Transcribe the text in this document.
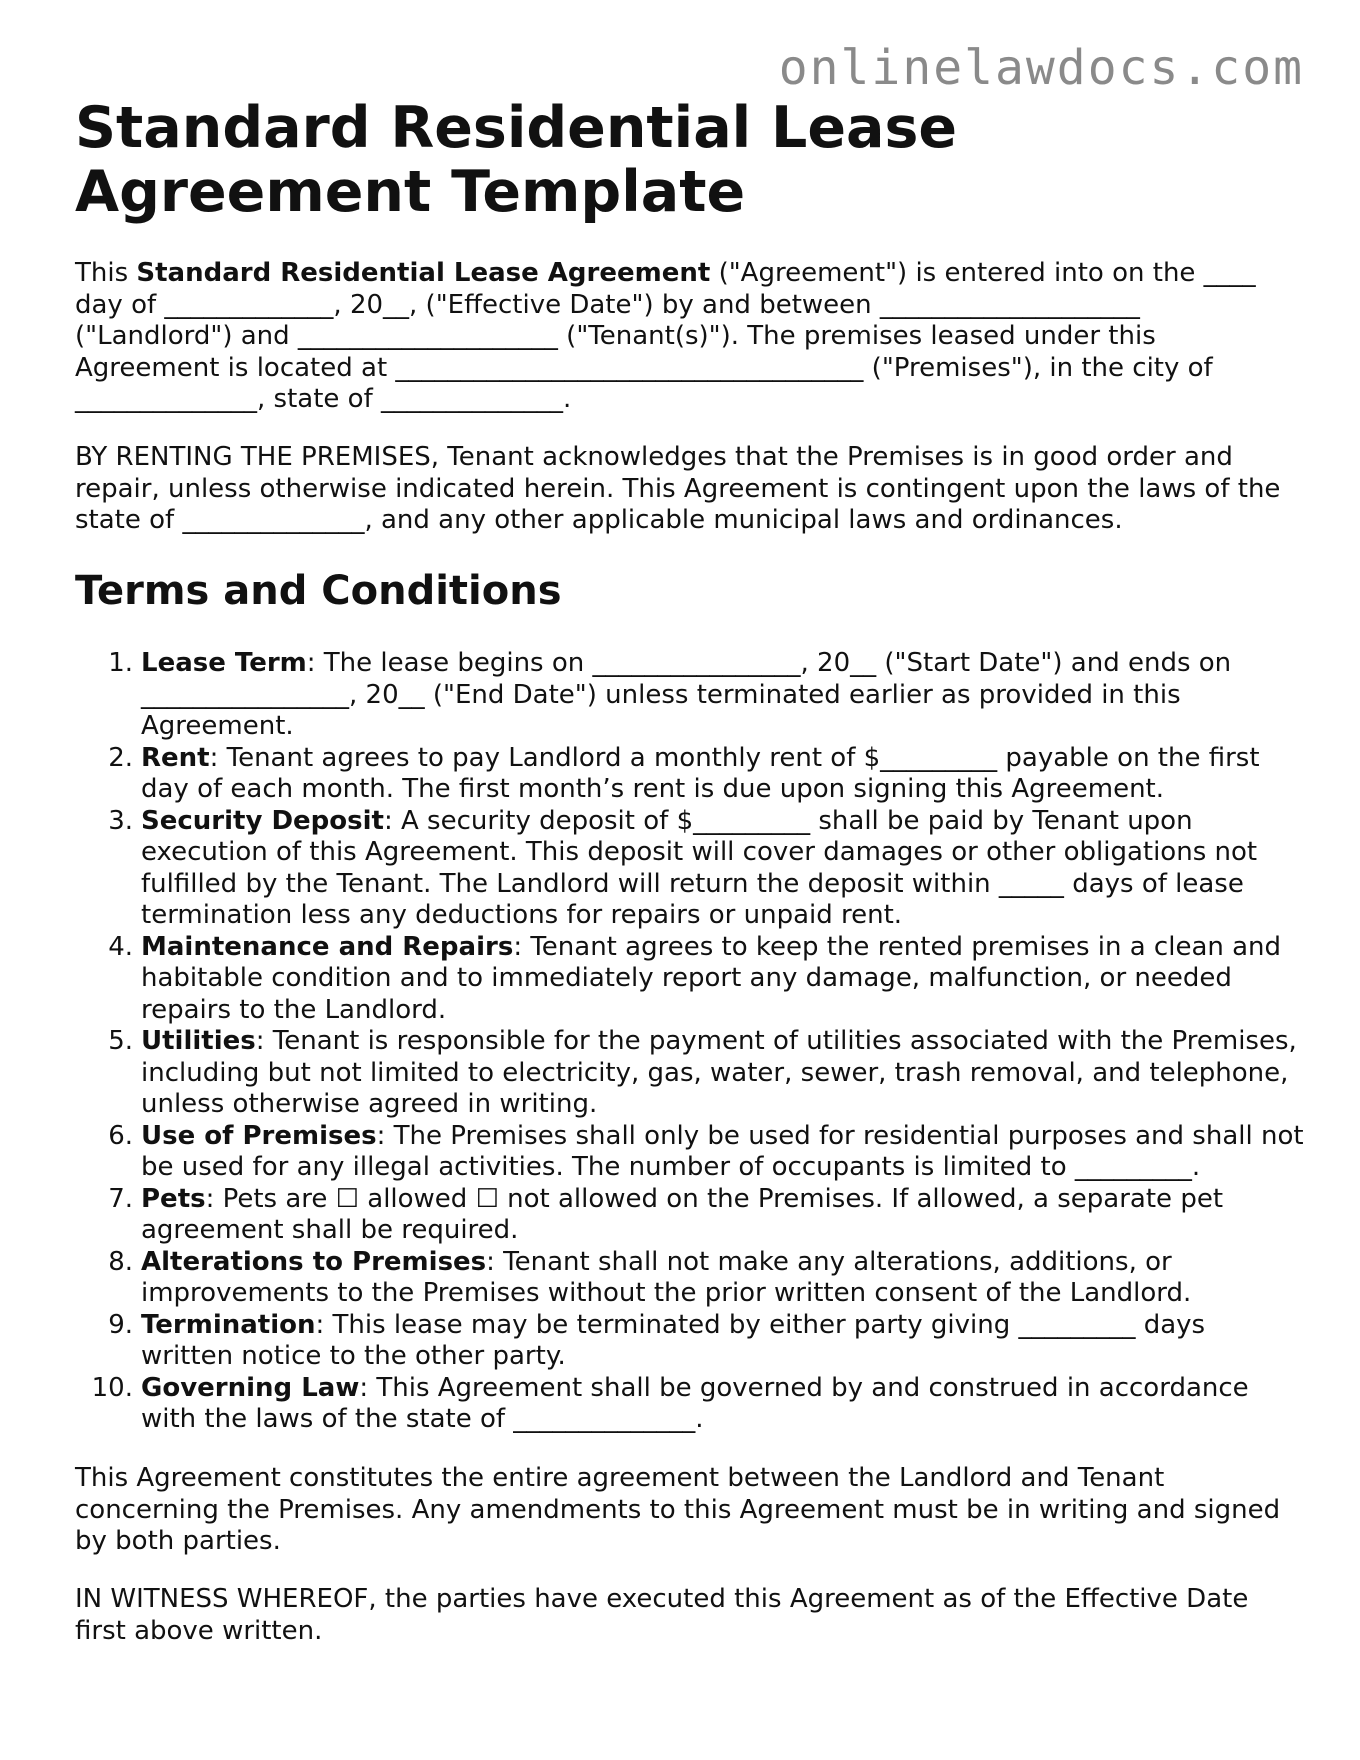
onlinelawdocs.com
Standard Residential Lease Agreement Template

This Standard Residential Lease Agreement ("Agreement") is entered into on the ____ day of _____________, 20__, ("Effective Date") by and between ____________________ ("Landlord") and ____________________ ("Tenant(s)"). The premises leased under this Agreement is located at ____________________________________ ("Premises"), in the city of ______________, state of ______________.

BY RENTING THE PREMISES, Tenant acknowledges that the Premises is in good order and repair, unless otherwise indicated herein. This Agreement is contingent upon the laws of the state of ______________, and any other applicable municipal laws and ordinances.

Terms and Conditions
1. Lease Term: The lease begins on ________________, 20__ ("Start Date") and ends on ________________, 20__ ("End Date") unless terminated earlier as provided in this Agreement.
2. Rent: Tenant agrees to pay Landlord a monthly rent of $_________ payable on the first day of each month. The first month’s rent is due upon signing this Agreement.
3. Security Deposit: A security deposit of $_________ shall be paid by Tenant upon execution of this Agreement. This deposit will cover damages or other obligations not fulfilled by the Tenant. The Landlord will return the deposit within _____ days of lease termination less any deductions for repairs or unpaid rent.
4. Maintenance and Repairs: Tenant agrees to keep the rented premises in a clean and habitable condition and to immediately report any damage, malfunction, or needed repairs to the Landlord.
5. Utilities: Tenant is responsible for the payment of utilities associated with the Premises, including but not limited to electricity, gas, water, sewer, trash removal, and telephone, unless otherwise agreed in writing.
6. Use of Premises: The Premises shall only be used for residential purposes and shall not be used for any illegal activities. The number of occupants is limited to _________.
7. Pets: Pets are ☐ allowed ☐ not allowed on the Premises. If allowed, a separate pet agreement shall be required.
8. Alterations to Premises: Tenant shall not make any alterations, additions, or improvements to the Premises without the prior written consent of the Landlord.
9. Termination: This lease may be terminated by either party giving _________ days written notice to the other party.
10. Governing Law: This Agreement shall be governed by and construed in accordance with the laws of the state of ______________.

This Agreement constitutes the entire agreement between the Landlord and Tenant concerning the Premises. Any amendments to this Agreement must be in writing and signed by both parties.

IN WITNESS WHEREOF, the parties have executed this Agreement as of the Effective Date first above written.
